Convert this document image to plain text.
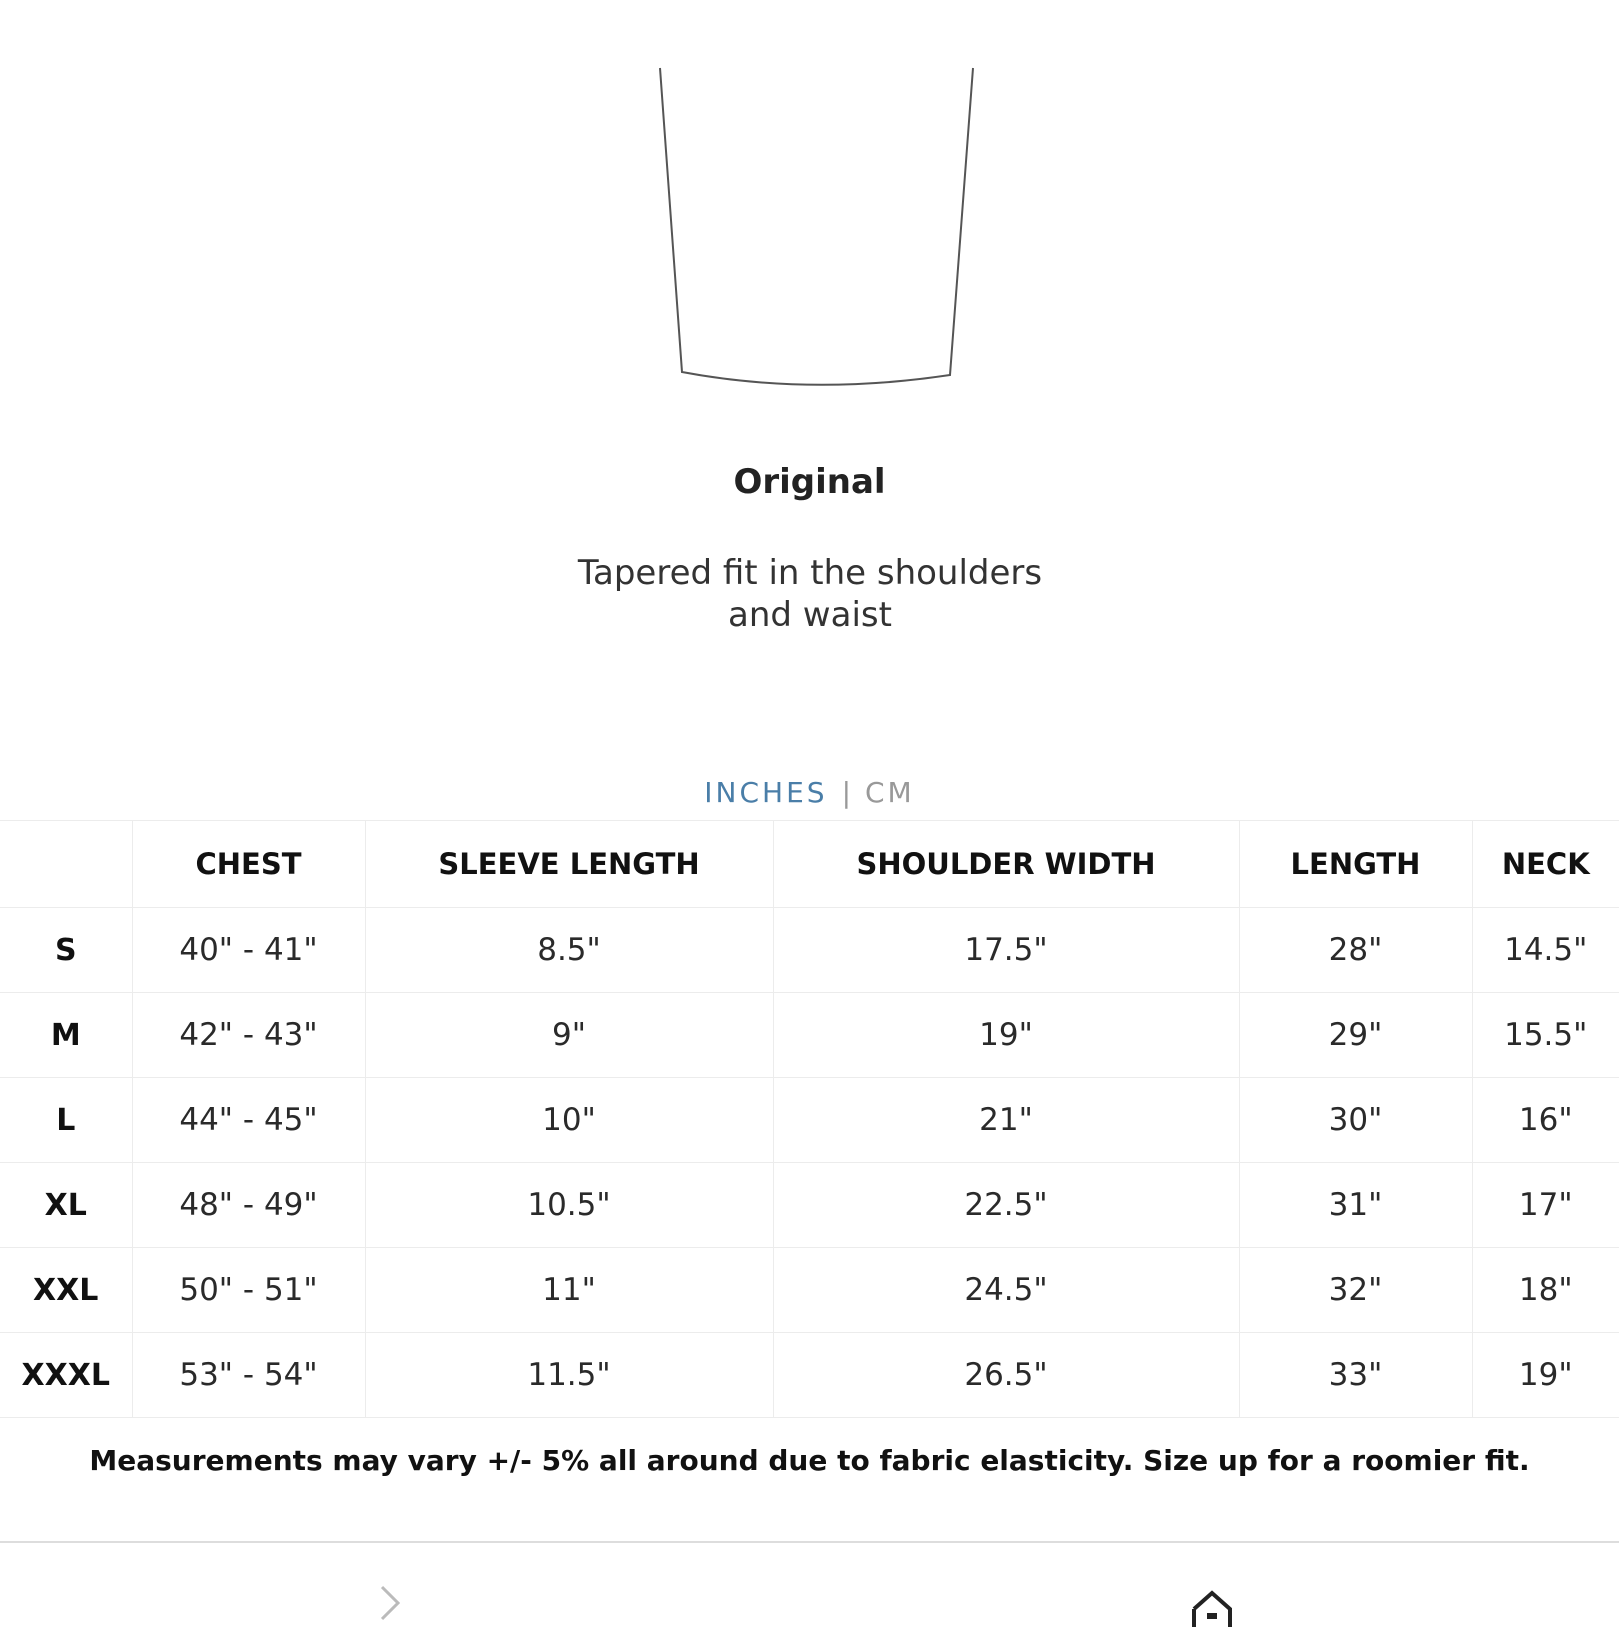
Original
Tapered fit in the shoulders and waist
INCHES | CM
	CHEST	SLEEVE LENGTH	SHOULDER WIDTH	LENGTH	NECK
S	40" - 41"	8.5"	17.5"	28"	14.5"
M	42" - 43"	9"	19"	29"	15.5"
L	44" - 45"	10"	21"	30"	16"
XL	48" - 49"	10.5"	22.5"	31"	17"
XXL	50" - 51"	11"	24.5"	32"	18"
XXXL	53" - 54"	11.5"	26.5"	33"	19"
Measurements may vary +/- 5% all around due to fabric elasticity. Size up for a roomier fit.
